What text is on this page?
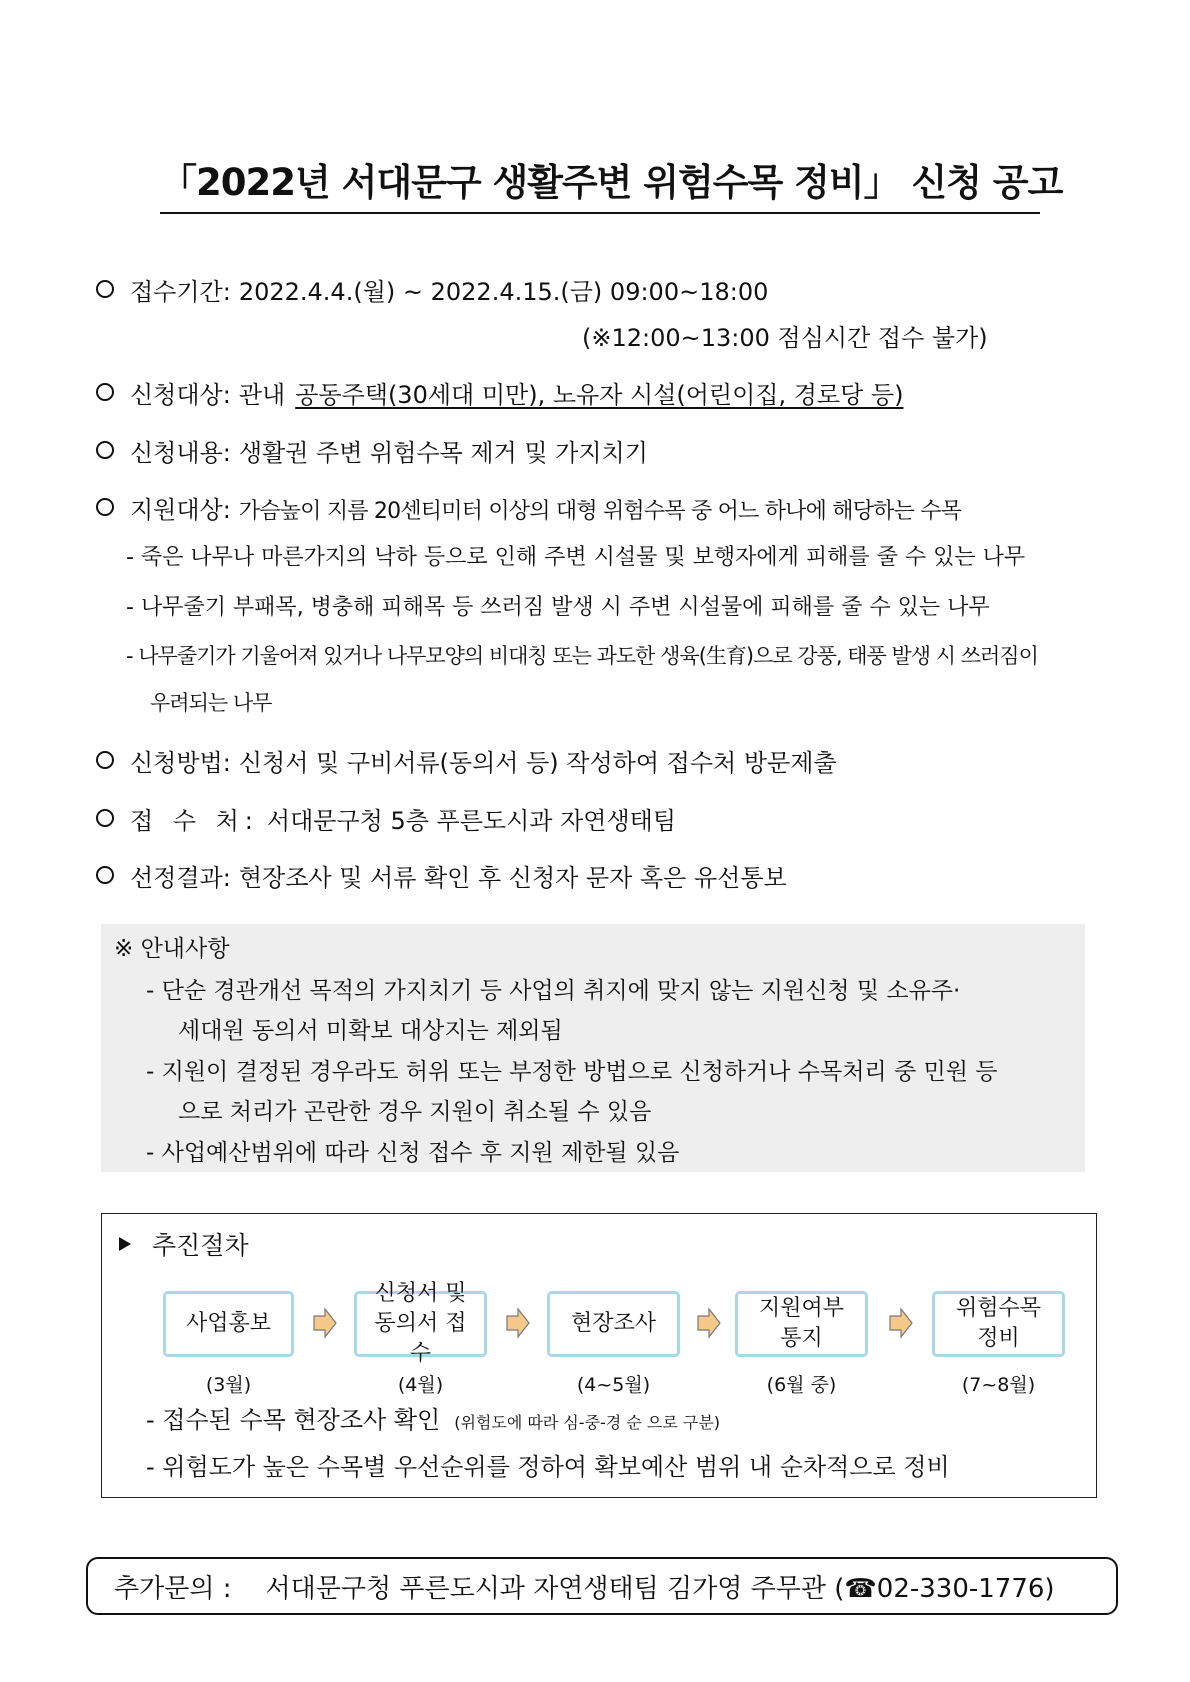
「2022년 서대문구 생활주변 위험수목 정비」 신청 공고
접수기간: 2022.4.4.(월) ~ 2022.4.15.(금) 09:00~18:00
(※12:00~13:00 점심시간 접수 불가)
신청대상: 관내 공동주택(30세대 미만), 노유자 시설(어린이집, 경로당 등)
신청내용: 생활권 주변 위험수목 제거 및 가지치기
지원대상: 가슴높이 지름 20센티미터 이상의 대형 위험수목 중 어느 하나에 해당하는 수목
- 죽은 나무나 마른가지의 낙하 등으로 인해 주변 시설물 및 보행자에게 피해를 줄 수 있는 나무
- 나무줄기 부패목, 병충해 피해목 등 쓰러짐 발생 시 주변 시설물에 피해를 줄 수 있는 나무
- 나무줄기가 기울어져 있거나 나무모양의 비대칭 또는 과도한 생육(生育)으로 강풍, 태풍 발생 시 쓰러짐이
우려되는 나무
신청방법: 신청서 및 구비서류(동의서 등) 작성하여 접수처 방문제출
접 수 처: 서대문구청 5층 푸른도시과 자연생태팀
선정결과: 현장조사 및 서류 확인 후 신청자 문자 혹은 유선통보
※ 안내사항
- 단순 경관개선 목적의 가지치기 등 사업의 취지에 맞지 않는 지원신청 및 소유주·
세대원 동의서 미확보 대상지는 제외됨
- 지원이 결정된 경우라도 허위 또는 부정한 방법으로 신청하거나 수목처리 중 민원 등
으로 처리가 곤란한 경우 지원이 취소될 수 있음
- 사업예산범위에 따라 신청 접수 후 지원 제한될 있음
추진절차
사업홍보
신청서 및 동의서 접수
현장조사
지원여부 통지
위험수목 정비
(3월)	(4월)	(4~5월)	(6월 중)	(7~8월)
- 접수된 수목 현장조사 확인 (위험도에 따라 심-중-경 순 으로 구분)
- 위험도가 높은 수목별 우선순위를 정하여 확보예산 범위 내 순차적으로 정비
추가문의 : 서대문구청 푸른도시과 자연생태팀 김가영 주무관 (☎02-330-1776)
